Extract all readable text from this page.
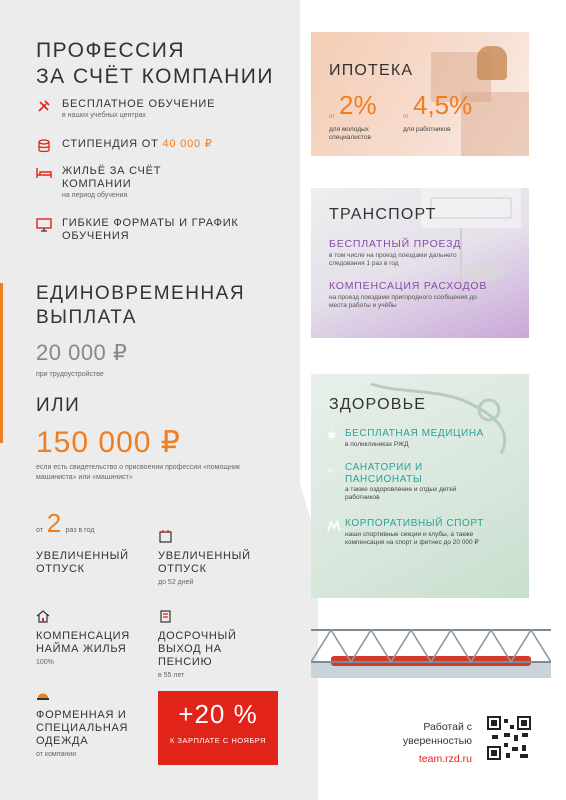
ПРОФЕССИЯ
ЗА СЧЁТ КОМПАНИИ
БЕСПЛАТНОЕ ОБУЧЕНИЕ
в наших учебных центрах
СТИПЕНДИЯ ОТ 40 000 ₽
ЖИЛЬЁ ЗА СЧЁТ КОМПАНИИ
на период обучения
ГИБКИЕ ФОРМАТЫ И ГРАФИК ОБУЧЕНИЯ
ЕДИНОВРЕМЕННАЯ ВЫПЛАТА
20 000 ₽
при трудоустройстве
ИЛИ
150 000 ₽
если есть свидетельство о присвоении профессии «помощник машиниста» или «машинист»
от 2 раз в год
УВЕЛИЧЕННЫЙ ОТПУСК
УВЕЛИЧЕННЫЙ ОТПУСК
до 52 дней
КОМПЕНСАЦИЯ НАЙМА ЖИЛЬЯ
100%
ДОСРОЧНЫЙ ВЫХОД НА ПЕНСИЮ
в 55 лет
ФОРМЕННАЯ И СПЕЦИАЛЬНАЯ ОДЕЖДА
от компании
+20 %
К ЗАРПЛАТЕ С НОЯБРЯ
ИПОТЕКА
от 2%
для молодых специалистов
от 4,5%
для работников
ТРАНСПОРТ
БЕСПЛАТНЫЙ ПРОЕЗД
в том числе на проезд поездами дальнего следования 1 раз в год
КОМПЕНСАЦИЯ РАСХОДОВ
на проезд поездами пригородного сообщения до места работы и учёбы
ЗДОРОВЬЕ
✱ БЕСПЛАТНАЯ МЕДИЦИНА
в поликлиниках РЖД
≈	САНАТОРИИ И ПАНСИОНАТЫ
а также оздоровление и отдых детей работников
КОРПОРАТИВНЫЙ СПОРТ
наши спортивные секции и клубы, а также компенсация на спорт и фитнес до 20 000 ₽
Работай с уверенностью
team.rzd.ru
